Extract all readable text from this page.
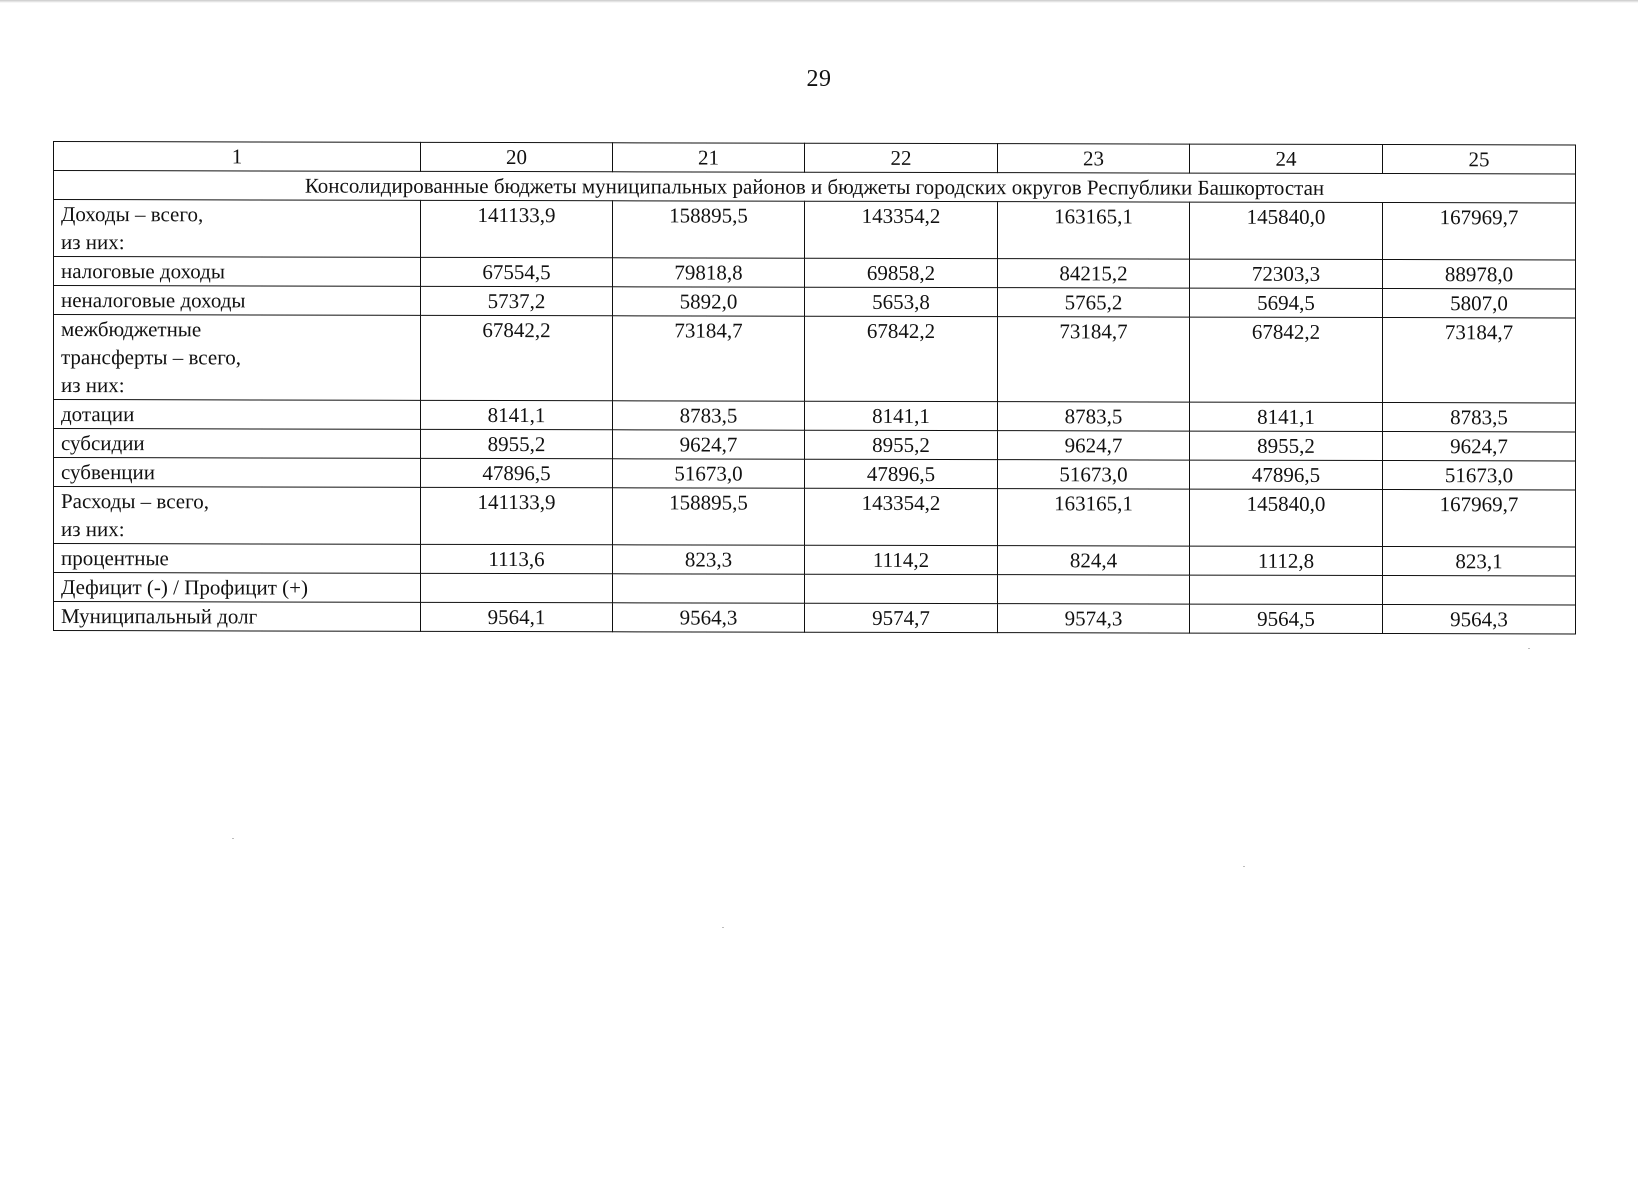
29
1	20	21	22	23	24	25
Консолидированные бюджеты муниципальных районов и бюджеты городских округов Республики Башкортостан						
Доходы – всего,
из них:	141133,9	158895,5	143354,2	163165,1	145840,0	167969,7
налоговые доходы	67554,5	79818,8	69858,2	84215,2	72303,3	88978,0
неналоговые доходы	5737,2	5892,0	5653,8	5765,2	5694,5	5807,0
межбюджетные
трансферты – всего,
из них:	67842,2	73184,7	67842,2	73184,7	67842,2	73184,7
дотации	8141,1	8783,5	8141,1	8783,5	8141,1	8783,5
субсидии	8955,2	9624,7	8955,2	9624,7	8955,2	9624,7
субвенции	47896,5	51673,0	47896,5	51673,0	47896,5	51673,0
Расходы – всего,
из них:	141133,9	158895,5	143354,2	163165,1	145840,0	167969,7
процентные	1113,6	823,3	1114,2	824,4	1112,8	823,1
Дефицит (-) / Профицит (+)						
Муниципальный долг	9564,1	9564,3	9574,7	9574,3	9564,5	9564,3
